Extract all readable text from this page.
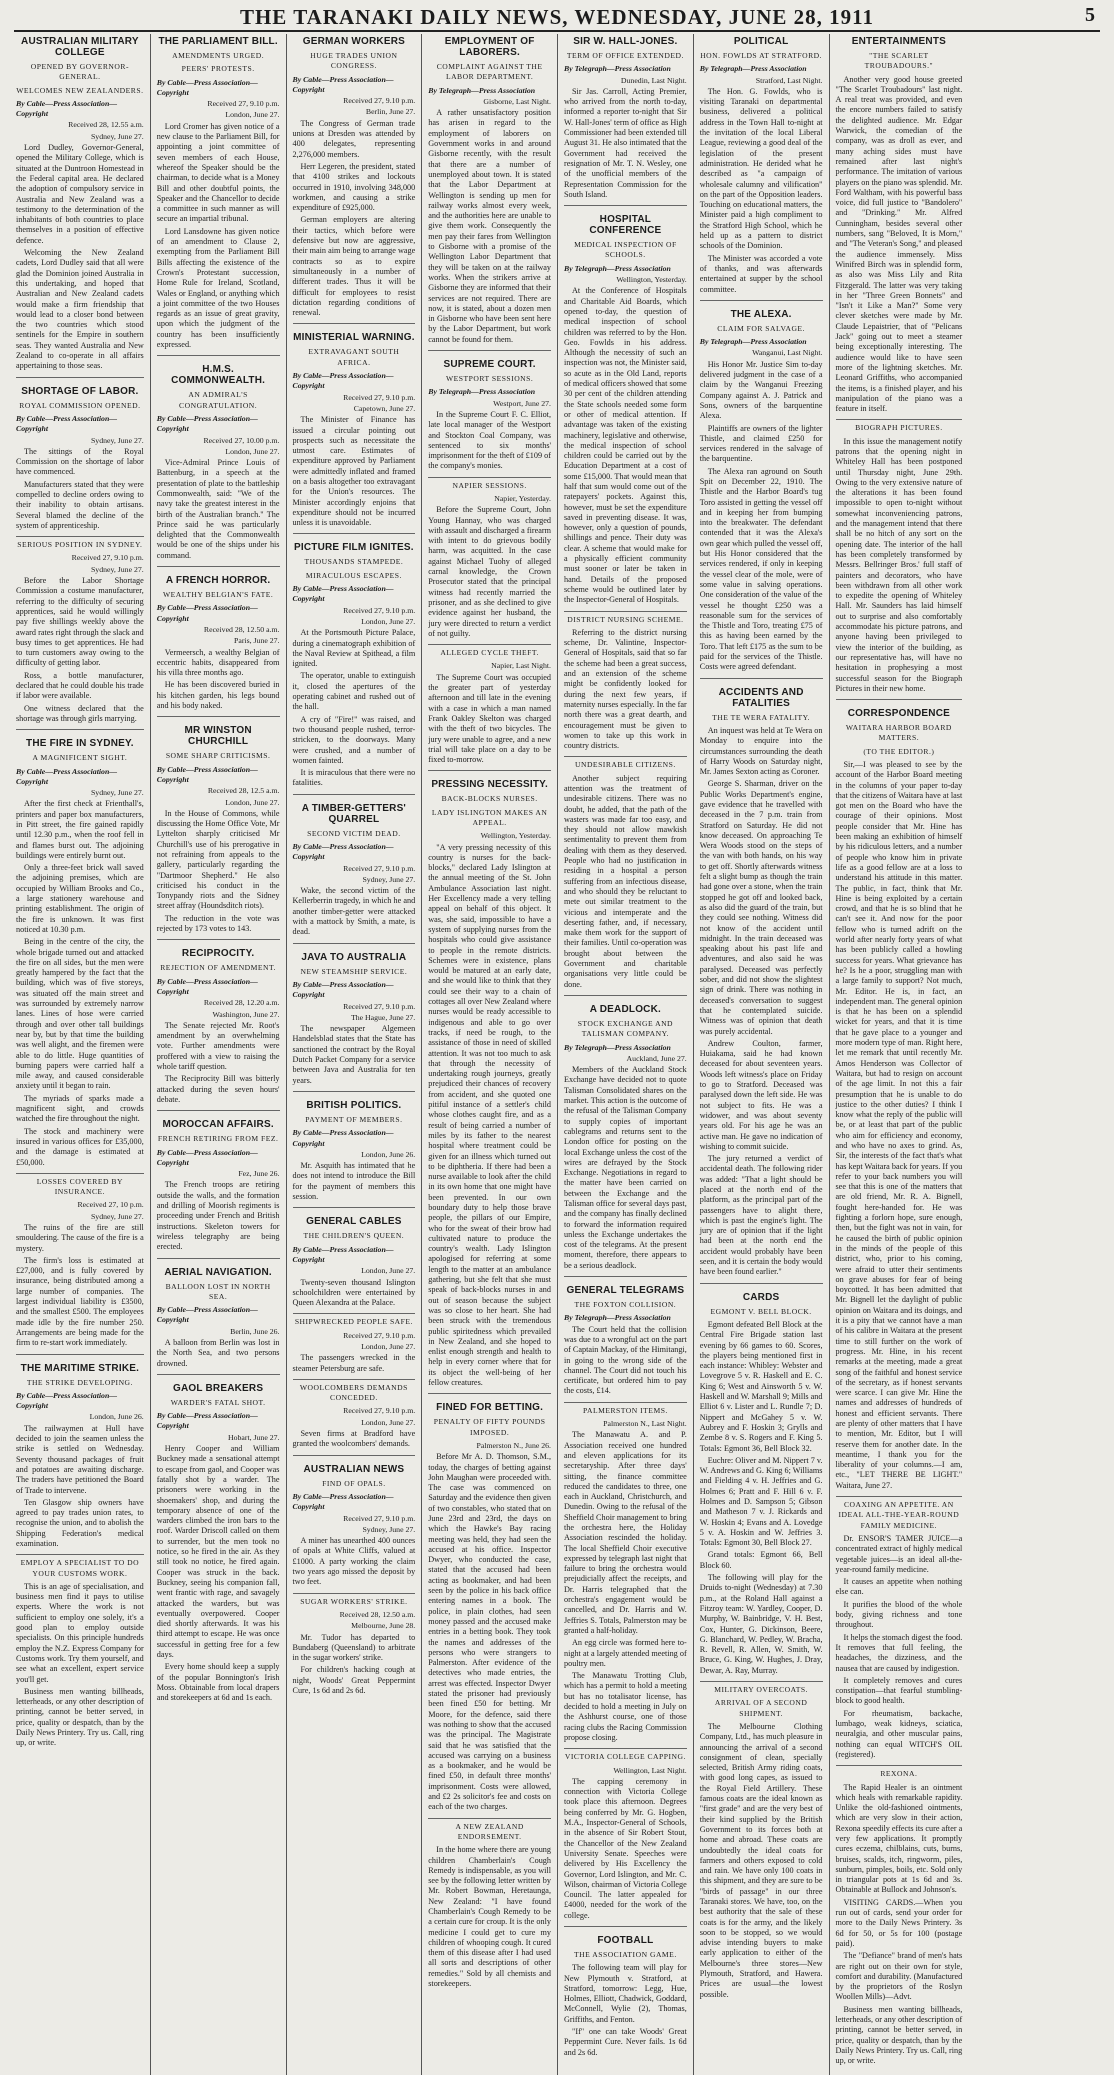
THE TARANAKI DAILY NEWS, WEDNESDAY, JUNE 28, 1911	5
AUSTRALIAN MILITARY COLLEGE
OPENED BY GOVERNOR-GENERAL.
WELCOMES NEW ZEALANDERS.
By Cable—Press Association—Copyright
Received 28, 12.55 a.m.
Sydney, June 27.

Lord Dudley, Governor-General, opened the Military College, which is situated at the Duntroon Homestead in the Federal capital area. He declared the adoption of compulsory service in Australia and New Zealand was a testimony to the determination of the inhabitants of both countries to place themselves in a position of effective defence.

Welcoming the New Zealand cadets, Lord Dudley said that all were glad the Dominion joined Australia in this undertaking, and hoped that Australian and New Zealand cadets would make a firm friendship that would lead to a closer bond between the two countries which stood sentinels for the Empire in southern seas. They wanted Australia and New Zealand to co-operate in all affairs appertaining to those seas.

SHORTAGE OF LABOR.
ROYAL COMMISSION OPENED.
By Cable—Press Association—Copyright
Sydney, June 27.

The sittings of the Royal Commission on the shortage of labor have commenced.

Manufacturers stated that they were compelled to decline orders owing to their inability to obtain artisans. Several blamed the decline of the system of apprenticeship.

SERIOUS POSITION IN SYDNEY.
Received 27, 9.10 p.m.
Sydney, June 27.

Before the Labor Shortage Commission a costume manufacturer, referring to the difficulty of securing apprentices, said he would willingly pay five shillings weekly above the award rates right through the slack and busy times to get apprentices. He had to turn customers away owing to the difficulty of getting labor.

Ross, a bottle manufacturer, declared that he could double his trade if labor were available.

One witness declared that the shortage was through girls marrying.

THE FIRE IN SYDNEY.
A MAGNIFICENT SIGHT.
By Cable—Press Association—Copyright
Sydney, June 27.

After the first check at Frienthall's, printers and paper box manufacturers, in Pitt street, the fire gained rapidly until 12.30 p.m., when the roof fell in and flames burst out. The adjoining buildings were entirely burnt out.

Only a three-feet brick wall saved the adjoining premises, which are occupied by William Brooks and Co., a large stationery warehouse and printing establishment. The origin of the fire is unknown. It was first noticed at 10.30 p.m.

Being in the centre of the city, the whole brigade turned out and attacked the fire on all sides, but the men were greatly hampered by the fact that the building, which was of five storeys, was situated off the main street and was surrounded by extremely narrow lanes. Lines of hose were carried through and over other tall buildings near by, but by that time the building was well alight, and the firemen were able to do little. Huge quantities of burning papers were carried half a mile away, and caused considerable anxiety until it began to rain.

The myriads of sparks made a magnificent sight, and crowds watched the fire throughout the night.

The stock and machinery were insured in various offices for £35,000, and the damage is estimated at £50,000.

LOSSES COVERED BY INSURANCE.
Received 27, 10 p.m.
Sydney, June 27.

The ruins of the fire are still smouldering. The cause of the fire is a mystery.

The firm's loss is estimated at £27,000, and is fully covered by insurance, being distributed among a large number of companies. The largest individual liability is £3500, and the smallest £500. The employees made idle by the fire number 250. Arrangements are being made for the firm to re-start work immediately.

THE MARITIME STRIKE.
THE STRIKE DEVELOPING.
By Cable—Press Association—Copyright
London, June 26.

The railwaymen at Hull have decided to join the seamen unless the strike is settled on Wednesday. Seventy thousand packages of fruit and potatoes are awaiting discharge. The traders have petitioned the Board of Trade to intervene.

Ten Glasgow ship owners have agreed to pay trades union rates, to recognise the union, and to abolish the Shipping Federation's medical examination.

EMPLOY A SPECIALIST TO DO YOUR CUSTOMS WORK.

This is an age of specialisation, and business men find it pays to utilise experts. Where the work is not sufficient to employ one solely, it's a good plan to employ outside specialists. On this principle hundreds employ the N.Z. Express Company for Customs work. Try them yourself, and see what an excellent, expert service you'll get.

Business men wanting billheads, letterheads, or any other description of printing, cannot be better served, in price, quality or despatch, than by the Daily News Printery. Try us. Call, ring up, or write.

THE PARLIAMENT BILL.
AMENDMENTS URGED.
PEERS' PROTESTS.
By Cable—Press Association—Copyright
Received 27, 9.10 p.m.
London, June 27.

Lord Cromer has given notice of a new clause to the Parliament Bill, for appointing a joint committee of seven members of each House, whereof the Speaker should be the chairman, to decide what is a Money Bill and other doubtful points, the Speaker and the Chancellor to decide a committee in such manner as will secure an impartial tribunal.

Lord Lansdowne has given notice of an amendment to Clause 2, exempting from the Parliament Bill Bills affecting the existence of the Crown's Protestant succession, Home Rule for Ireland, Scotland, Wales or England, or anything which a joint committee of the two Houses regards as an issue of great gravity, upon which the judgment of the country has been insufficiently expressed.

H.M.S. COMMONWEALTH.
AN ADMIRAL'S CONGRATULATION.
By Cable—Press Association—Copyright
Received 27, 10.00 p.m.
London, June 27.

Vice-Admiral Prince Louis of Battenburg, in a speech at the presentation of plate to the battleship Commonwealth, said: "We of the navy take the greatest interest in the birth of the Australian branch." The Prince said he was particularly delighted that the Commonwealth would be one of the ships under his command.

A FRENCH HORROR.
WEALTHY BELGIAN'S FATE.
By Cable—Press Association—Copyright
Received 28, 12.50 a.m.
Paris, June 27.

Vermeersch, a wealthy Belgian of eccentric habits, disappeared from his villa three months ago.

He has been discovered buried in his kitchen garden, his legs bound and his body naked.

MR WINSTON CHURCHILL
SOME SHARP CRITICISMS.
By Cable—Press Association—Copyright
Received 28, 12.5 a.m.
London, June 27.

In the House of Commons, while discussing the Home Office Vote, Mr Lyttelton sharply criticised Mr Churchill's use of his prerogative in not refraining from appeals to the gallery, particularly regarding the "Dartmoor Shepherd." He also criticised his conduct in the Tonypandy riots and the Sidney street affray (Houndsditch riots).

The reduction in the vote was rejected by 173 votes to 143.

RECIPROCITY.
REJECTION OF AMENDMENT.
By Cable—Press Association—Copyright
Received 28, 12.20 a.m.
Washington, June 27.

The Senate rejected Mr. Root's amendment by an overwhelming vote. Further amendments were proffered with a view to raising the whole tariff question.

The Reciprocity Bill was bitterly attacked during the seven hours' debate.

MOROCCAN AFFAIRS.
FRENCH RETIRING FROM FEZ.
By Cable—Press Association—Copyright
Fez, June 26.

The French troops are retiring outside the walls, and the formation and drilling of Moorish regiments is proceeding under French and British instructions. Skeleton towers for wireless telegraphy are being erected.

AERIAL NAVIGATION.
BALLOON LOST IN NORTH SEA.
By Cable—Press Association—Copyright
Berlin, June 26.

A balloon from Berlin was lost in the North Sea, and two persons drowned.

GAOL BREAKERS
WARDER'S FATAL SHOT.
By Cable—Press Association—Copyright
Hobart, June 27.

Henry Cooper and William Buckney made a sensational attempt to escape from gaol, and Cooper was fatally shot by a warder. The prisoners were working in the shoemakers' shop, and during the temporary absence of one of the warders climbed the iron bars to the roof. Warder Driscoll called on them to surrender, but the men took no notice, so he fired in the air. As they still took no notice, he fired again. Cooper was struck in the back. Buckney, seeing his companion fall, went frantic with rage, and savagely attacked the warders, but was eventually overpowered. Cooper died shortly afterwards. It was his third attempt to escape. He was once successful in getting free for a few days.

Every home should keep a supply of the popular Bonnington's Irish Moss. Obtainable from local drapers and storekeepers at 6d and 1s each.

GERMAN WORKERS
HUGE TRADES UNION CONGRESS.
By Cable—Press Association—Copyright
Received 27, 9.10 p.m.
Berlin, June 27.

The Congress of German trade unions at Dresden was attended by 400 delegates, representing 2,276,000 members.

Herr Legeren, the president, stated that 4100 strikes and lockouts occurred in 1910, involving 348,000 workmen, and causing a strike expenditure of £925,000.

German employers are altering their tactics, which before were defensive but now are aggressive, their main aim being to arrange wage contracts so as to expire simultaneously in a number of different trades. Thus it will be difficult for employees to resist dictation regarding conditions of renewal.

MINISTERIAL WARNING.
EXTRAVAGANT SOUTH AFRICA.
By Cable—Press Association—Copyright
Received 27, 9.10 p.m.
Capetown, June 27.

The Minister of Finance has issued a circular pointing out prospects such as necessitate the utmost care. Estimates of expenditure approved by Parliament were admittedly inflated and framed on a basis altogether too extravagant for the Union's resources. The Minister accordingly enjoins that expenditure should not be incurred unless it is unavoidable.

PICTURE FILM IGNITES.
THOUSANDS STAMPEDE.
MIRACULOUS ESCAPES.
By Cable—Press Association—Copyright
Received 27, 9.10 p.m.
London, June 27.

At the Portsmouth Picture Palace, during a cinematograph exhibition of the Naval Review at Spithead, a film ignited.

The operator, unable to extinguish it, closed the apertures of the operating cabinet and rushed out of the hall.

A cry of "Fire!" was raised, and two thousand people rushed, terror-stricken, to the doorways. Many were crushed, and a number of women fainted.

It is miraculous that there were no fatalities.

A TIMBER-GETTERS' QUARREL
SECOND VICTIM DEAD.
By Cable—Press Association—Copyright
Received 27, 9.10 p.m.
Sydney, June 27.

Wake, the second victim of the Kellerberrin tragedy, in which he and another timber-getter were attacked with a mattock by Smith, a mate, is dead.

JAVA TO AUSTRALIA
NEW STEAMSHIP SERVICE.
By Cable—Press Association—Copyright
Received 27, 9.10 p.m.
The Hague, June 27.

The newspaper Algemeen Handelsblad states that the State has sanctioned the contract by the Royal Dutch Packet Company for a service between Java and Australia for ten years.

BRITISH POLITICS.
PAYMENT OF MEMBERS.
By Cable—Press Association—Copyright
London, June 26.

Mr. Asquith has intimated that he does not intend to introduce the Bill for the payment of members this session.

GENERAL CABLES
THE CHILDREN'S QUEEN.
By Cable—Press Association—Copyright
London, June 27.

Twenty-seven thousand Islington schoolchildren were entertained by Queen Alexandra at the Palace.

SHIPWRECKED PEOPLE SAFE.
Received 27, 9.10 p.m.
London, June 27.

The passengers wrecked in the steamer Petersburg are safe.

WOOLCOMBERS DEMANDS CONCEDED.
Received 27, 9.10 p.m.
London, June 27.

Seven firms at Bradford have granted the woolcombers' demands.

AUSTRALIAN NEWS
FIND OF OPALS.
By Cable—Press Association—Copyright
Received 27, 9.10 p.m.
Sydney, June 27.

A miner has unearthed 400 ounces of opals at White Cliffs, valued at £1000. A party working the claim two years ago missed the deposit by two feet.

SUGAR WORKERS' STRIKE.
Received 28, 12.50 a.m.
Melbourne, June 28.

Mr. Tudor has departed to Bundaberg (Queensland) to arbitrate in the sugar workers' strike.

For children's hacking cough at night, Woods' Great Peppermint Cure, 1s 6d and 2s 6d.

EMPLOYMENT OF LABORERS.
COMPLAINT AGAINST THE LABOR DEPARTMENT.
By Telegraph—Press Association
Gisborne, Last Night.

A rather unsatisfactory position has arisen in regard to the employment of laborers on Government works in and around Gisborne recently, with the result that there are a number of unemployed about town. It is stated that the Labor Department at Wellington is sending up men for railway works almost every week, and the authorities here are unable to give them work. Consequently the men pay their fares from Wellington to Gisborne with a promise of the Wellington Labor Department that they will be taken on at the railway works. When the strikers arrive at Gisborne they are informed that their services are not required. There are now, it is stated, about a dozen men in Gisborne who have been sent here by the Labor Department, but work cannot be found for them.

SUPREME COURT.
WESTPORT SESSIONS.
By Telegraph—Press Association
Westport, June 27.

In the Supreme Court F. C. Elliot, late local manager of the Westport and Stockton Coal Company, was sentenced to six months' imprisonment for the theft of £109 of the company's monies.

NAPIER SESSIONS.
Napier, Yesterday.

Before the Supreme Court, John Young Hannay, who was charged with assault and discharged a firearm with intent to do grievous bodily harm, was acquitted. In the case against Michael Tuohy of alleged carnal knowledge, the Crown Prosecutor stated that the principal witness had recently married the prisoner, and as she declined to give evidence against her husband, the jury were directed to return a verdict of not guilty.

ALLEGED CYCLE THEFT.
Napier, Last Night.

The Supreme Court was occupied the greater part of yesterday afternoon and till late in the evening with a case in which a man named Frank Oakley Skelton was charged with the theft of two bicycles. The jury were unable to agree, and a new trial will take place on a day to be fixed to-morrow.

PRESSING NECESSITY.
BACK-BLOCKS NURSES.
LADY ISLINGTON MAKES AN APPEAL.
Wellington, Yesterday.

"A very pressing necessity of this country is nurses for the back-blocks," declared Lady Islington at the annual meeting of the St. John Ambulance Association last night. Her Excellency made a very telling appeal on behalf of this object. It was, she said, impossible to have a system of supplying nurses from the hospitals who could give assistance to people in the remote districts. Schemes were in existence, plans would be matured at an early date, and she would like to think that they could see their way to a chain of cottages all over New Zealand where nurses would be ready accessible to indigenous and able to go over tracks, if need be rough, to the assistance of those in need of skilled attention. It was not too much to ask that through the necessity of undertaking rough journeys, greatly prejudiced their chances of recovery from accident, and she quoted one pitiful instance of a settler's child whose clothes caught fire, and as a result of being carried a number of miles by its father to the nearest hospital where treatment could be given for an illness which turned out to be diphtheria. If there had been a nurse available to look after the child in its own home that one might have been prevented. In our own boundary duty to help those brave people, the pillars of our Empire, who for the sweat of their brow had cultivated nature to produce the country's wealth. Lady Islington apologised for referring at some length to the matter at an ambulance gathering, but she felt that she must speak of back-blocks nurses in and out of season because the subject was so close to her heart. She had been struck with the tremendous public spiritedness which prevailed in New Zealand, and she hoped to enlist enough strength and health to help in every corner where that for its object the well-being of her fellow creatures.

FINED FOR BETTING.
PENALTY OF FIFTY POUNDS IMPOSED.
Palmerston N., June 26.

Before Mr A. D. Thomson, S.M., today, the charges of betting against John Maughan were proceeded with. The case was commenced on Saturday and the evidence then given of two constables, who stated that on June 23rd and 23rd, the days on which the Hawke's Bay racing meeting was held, they had seen the accused at his office. Inspector Dwyer, who conducted the case, stated that the accused had been acting as bookmaker, and had been seen by the police in his back office entering names in a book. The police, in plain clothes, had seen money passed and the accused make entries in a betting book. They took the names and addresses of the persons who were strangers to Palmerston. After evidence of the detectives who made entries, the arrest was effected. Inspector Dwyer stated the prisoner had previously been fined £50 for betting. Mr Moore, for the defence, said there was nothing to show that the accused was the principal. The Magistrate said that he was satisfied that the accused was carrying on a business as a bookmaker, and he would be fined £50, in default three months' imprisonment. Costs were allowed, and £2 2s solicitor's fee and costs on each of the two charges.

A NEW ZEALAND ENDORSEMENT.

In the home where there are young children Chamberlain's Cough Remedy is indispensable, as you will see by the following letter written by Mr. Robert Bowman, Heretaunga, New Zealand: "I have found Chamberlain's Cough Remedy to be a certain cure for croup. It is the only medicine I could get to cure my children of whooping cough. It cured them of this disease after I had used all sorts and descriptions of other remedies." Sold by all chemists and storekeepers.

SIR W. HALL-JONES.
TERM OF OFFICE EXTENDED.
By Telegraph—Press Association
Dunedin, Last Night.

Sir Jas. Carroll, Acting Premier, who arrived from the north to-day, informed a reporter to-night that Sir W. Hall-Jones' term of office as High Commissioner had been extended till August 31. He also intimated that the Government had received the resignation of Mr. T. N. Wesley, one of the unofficial members of the Representation Commission for the South Island.

HOSPITAL CONFERENCE
MEDICAL INSPECTION OF SCHOOLS.
By Telegraph—Press Association
Wellington, Yesterday.

At the Conference of Hospitals and Charitable Aid Boards, which opened to-day, the question of medical inspection of school children was referred to by the Hon. Geo. Fowlds in his address. Although the necessity of such an inspection was not, the Minister said, so acute as in the Old Land, reports of medical officers showed that some 30 per cent of the children attending the State schools needed some form or other of medical attention. If advantage was taken of the existing machinery, legislative and otherwise, the medical inspection of school children could be carried out by the Education Department at a cost of some £15,000. That would mean that half that sum would come out of the ratepayers' pockets. Against this, however, must be set the expenditure saved in preventing disease. It was, however, only a question of pounds, shillings and pence. Their duty was clear. A scheme that would make for a physically efficient community must sooner or later be taken in hand. Details of the proposed scheme would be outlined later by the Inspector-General of Hospitals.

DISTRICT NURSING SCHEME.

Referring to the district nursing scheme, Dr. Valintine, Inspector-General of Hospitals, said that so far the scheme had been a great success, and an extension of the scheme might be confidently looked for during the next few years, if maternity nurses especially. In the far north there was a great dearth, and encouragement must be given to women to take up this work in country districts.

UNDESIRABLE CITIZENS.

Another subject requiring attention was the treatment of undesirable citizens. There was no doubt, he added, that the path of the wasters was made far too easy, and they should not allow mawkish sentimentality to prevent them from dealing with them as they deserved. People who had no justification in residing in a hospital a person suffering from an infectious disease, and who should they be reluctant to mete out similar treatment to the vicious and intemperate and the deserting father, and, if necessary, make them work for the support of their families. Until co-operation was brought about between the Government and charitable organisations very little could be done.

A DEADLOCK.
STOCK EXCHANGE AND TALISMAN COMPANY.
By Telegraph—Press Association
Auckland, June 27.

Members of the Auckland Stock Exchange have decided not to quote Talisman Consolidated shares on the market. This action is the outcome of the refusal of the Talisman Company to supply copies of important cablegrams and returns sent to the London office for posting on the local Exchange unless the cost of the wires are defrayed by the Stock Exchange. Negotiations in regard to the matter have been carried on between the Exchange and the Talisman office for several days past, and the company has finally declined to forward the information required unless the Exchange undertakes the cost of the telegrams. At the present moment, therefore, there appears to be a serious deadlock.

GENERAL TELEGRAMS
THE FOXTON COLLISION.
By Telegraph—Press Association

The Court held that the collision was due to a wrongful act on the part of Captain Mackay, of the Himitangi, in going to the wrong side of the channel. The Court did not touch his certificate, but ordered him to pay the costs, £14.

PALMERSTON ITEMS.
Palmerston N., Last Night.

The Manawatu A. and P. Association received one hundred and eleven applications for its secretaryship. After three days' sitting, the finance committee reduced the candidates to three, one each in Auckland, Christchurch, and Dunedin. Owing to the refusal of the Sheffield Choir management to bring the orchestra here, the Holiday Association rescinded the holiday. The local Sheffield Choir executive expressed by telegraph last night that failure to bring the orchestra would prejudicially affect the receipts, and Dr. Harris telegraphed that the orchestra's engagement would be cancelled, and Dr. Harris and W. Jeffries S. Totals, Palmerston may be granted a half-holiday.

An egg circle was formed here to-night at a largely attended meeting of poultry men.

The Manawatu Trotting Club, which has a permit to hold a meeting but has no totalisator license, has decided to hold a meeting in July on the Ashhurst course, one of those racing clubs the Racing Commission propose closing.

VICTORIA COLLEGE CAPPING.
Wellington, Last Night.

The capping ceremony in connection with Victoria College took place this afternoon. Degrees being conferred by Mr. G. Hogben, M.A., Inspector-General of Schools, in the absence of Sir Robert Stout, the Chancellor of the New Zealand University Senate. Speeches were delivered by His Excellency the Governor, Lord Islington, and Mr. C. Wilson, chairman of Victoria College Council. The latter appealed for £4000, needed for the work of the college.

FOOTBALL
THE ASSOCIATION GAME.

The following team will play for New Plymouth v. Stratford, at Stratford, tomorrow: Legg, Hue, Holmes, Elliott, Chadwick, Goddard, McConnell, Wylie (2), Thomas, Griffiths, and Fenton.

"If" one can take Woods' Great Peppermint Cure. Never fails. 1s 6d and 2s 6d.

POLITICAL
HON. FOWLDS AT STRATFORD.
By Telegraph—Press Association
Stratford, Last Night.

The Hon. G. Fowlds, who is visiting Taranaki on departmental business, delivered a political address in the Town Hall to-night at the invitation of the local Liberal League, reviewing a good deal of the legislation of the present administration. He derided what he described as "a campaign of wholesale calumny and vilification" on the part of the Opposition leaders. Touching on educational matters, the Minister paid a high compliment to the Stratford High School, which he held up as a pattern to district schools of the Dominion.

The Minister was accorded a vote of thanks, and was afterwards entertained at supper by the school committee.

THE ALEXA.
CLAIM FOR SALVAGE.
By Telegraph—Press Association
Wanganui, Last Night.

His Honor Mr. Justice Sim to-day delivered judgment in the case of a claim by the Wanganui Freezing Company against A. J. Patrick and Sons, owners of the barquentine Alexa.

Plaintiffs are owners of the lighter Thistle, and claimed £250 for services rendered in the salvage of the barquentine.

The Alexa ran aground on South Spit on December 22, 1910. The Thistle and the Harbor Board's tug Toro assisted in getting the vessel off and in keeping her from bumping into the breakwater. The defendant contended that it was the Alexa's own gear which pulled the vessel off, but His Honor considered that the services rendered, if only in keeping the vessel clear of the mole, were of some value in salving operations. One consideration of the value of the vessel he thought £250 was a reasonable sum for the services of the Thistle and Toro, treating £75 of this as having been earned by the Toro. That left £175 as the sum to be paid for the services of the Thistle. Costs were agreed defendant.

ACCIDENTS AND FATALITIES
THE TE WERA FATALITY.

An inquest was held at Te Wera on Monday to enquire into the circumstances surrounding the death of Harry Woods on Saturday night, Mr. James Sexton acting as Coroner.

George S. Sharman, driver on the Public Works Department's engine, gave evidence that he travelled with deceased in the 7 p.m. train from Stratford on Saturday. He did not know deceased. On approaching Te Wera Woods stood on the steps of the van with both hands, on his way to get off. Shortly afterwards witness felt a slight bump as though the train had gone over a stone, when the train stopped he got off and looked back, as also did the guard of the train, but they could see nothing. Witness did not know of the accident until midnight. In the train deceased was speaking about his past life and adventures, and also said he was paralysed. Deceased was perfectly sober, and did not show the slightest sign of drink. There was nothing in deceased's conversation to suggest that he contemplated suicide. Witness was of opinion that death was purely accidental.

Andrew Coulton, farmer, Huiakama, said he had known deceased for about seventeen years. Woods left witness's place on Friday to go to Stratford. Deceased was paralysed down the left side. He was not subject to fits. He was a widower, and was about seventy years old. For his age he was an active man. He gave no indication of wishing to commit suicide.

The jury returned a verdict of accidental death. The following rider was added: "That a light should be placed at the north end of the platform, as the principal part of the passengers have to alight there, which is past the engine's light. The jury are of opinion that if the light had been at the north end the accident would probably have been seen, and it is certain the body would have been found earlier."

CARDS
EGMONT V. BELL BLOCK.

Egmont defeated Bell Block at the Central Fire Brigade station last evening by 66 games to 60. Scores, the players being mentioned first in each instance: Whibley: Webster and Lovegrove 5 v. R. Haskell and E. C. King 6; West and Ainsworth 5 v. W. Haskell and W. Marshall 9; Mills and Elliot 6 v. Lister and L. Rundle 7; D. Nippert and McGahey 5 v. W. Aubrey and F. Hoskin 3; Grylls and Zembe 8 v. S. Rogers and F. King 5. Totals: Egmont 36, Bell Block 32.

Euchre: Oliver and M. Nippert 7 v. W. Andrews and G. King 6; Williams and Fielding 4 v. H. Jeffries and G. Holmes 6; Pratt and F. Hill 6 v. F. Holmes and D. Sampson 5; Gibson and Matheson 7 v. J. Rickards and W. Hoskin 4; Evans and A. Lovedge 5 v. A. Hoskin and W. Jeffries 3. Totals: Egmont 30, Bell Block 27.

Grand totals: Egmont 66, Bell Block 60.

The following will play for the Druids to-night (Wednesday) at 7.30 p.m., at the Roland Hall against a Fitzroy team: W. Yardley, Cooper, D. Murphy, W. Bainbridge, V. H. Best, Cox, Hunter, G. Dickinson, Beere, G. Blanchard, W. Pedley, W. Bracha, R. Revell, R. Allen, W. Smith, W. Bruce, G. King, W. Hughes, J. Dray, Dewar, A. Ray, Murray.

MILITARY OVERCOATS.
ARRIVAL OF A SECOND SHIPMENT.

The Melbourne Clothing Company, Ltd., has much pleasure in announcing the arrival of a second consignment of clean, specially selected, British Army riding coats, with good long capes, as issued to the Royal Field Artillery. These famous coats are the ideal known as "first grade" and are the very best of their kind supplied by the British Government to its forces both at home and abroad. These coats are undoubtedly the ideal coats for farmers and others exposed to cold and rain. We have only 100 coats in this shipment, and they are sure to be "birds of passage" in our three Taranaki stores. We have, too, on the best authority that the sale of these coats is for the army, and the likely soon to be stopped, so we would advise intending buyers to make early application to either of the Melbourne's three stores—New Plymouth, Stratford, and Hawera. Prices are usual—the lowest possible.

ENTERTAINMENTS
"THE SCARLET TROUBADOURS."

Another very good house greeted "The Scarlet Troubadours" last night. A real treat was provided, and even the encore numbers failed to satisfy the delighted audience. Mr. Edgar Warwick, the comedian of the company, was as droll as ever, and many aching sides must have remained after last night's performance. The imitation of various players on the piano was splendid. Mr. Ford Waltham, with his powerful bass voice, did full justice to "Bandolero" and "Drinking." Mr. Alfred Cunningham, besides several other numbers, sang "Beloved, It is Morn," and "The Veteran's Song," and pleased the audience immensely. Miss Winifred Birch was in splendid form, as also was Miss Lily and Rita Fitzgerald. The latter was very taking in her "Three Green Bonnets" and "Isn't it Like a Man?" Some very clever sketches were made by Mr. Claude Lepaistrier, that of "Pelicans Jack" going out to meet a steamer being exceptionally interesting. The audience would like to have seen more of the lightning sketches. Mr. Leonard Griffiths, who accompanied the items, is a finished player, and his manipulation of the piano was a feature in itself.

BIOGRAPH PICTURES.

In this issue the management notify patrons that the opening night in Whiteley Hall has been postponed until Thursday night, June 29th. Owing to the very extensive nature of the alterations it has been found impossible to open to-night without somewhat inconveniencing patrons, and the management intend that there shall be no hitch of any sort on the opening date. The interior of the hall has been completely transformed by Messrs. Bellringer Bros.' full staff of painters and decorators, who have been withdrawn from all other work to expedite the opening of Whiteley Hall. Mr. Saunders has laid himself out to surprise and also comfortably accommodate his picture patrons, and anyone having been privileged to view the interior of the building, as our representative has, will have no hesitation in prophesying a most successful season for the Biograph Pictures in their new home.

CORRESPONDENCE
WAITARA HARBOR BOARD MATTERS.
(TO THE EDITOR.)

Sir,—I was pleased to see by the account of the Harbor Board meeting in the columns of your paper to-day that the citizens of Waitara have at last got men on the Board who have the courage of their opinions. Most people consider that Mr. Hine has been making an exhibition of himself by his ridiculous letters, and a number of people who know him in private life as a good fellow are at a loss to understand his attitude in this matter. The public, in fact, think that Mr. Hine is being exploited by a certain crowd, and that he is so blind that he can't see it. And now for the poor fellow who is turned adrift on the world after nearly forty years of what has been publicly called a howling success for years. What grievance has he? Is he a poor, struggling man with a large family to support? Not much, Mr. Editor. He is, in fact, an independent man. The general opinion is that he has been on a splendid wicket for years, and that it is time that he gave place to a younger and more modern type of man. Right here, let me remark that until recently Mr. Amos Henderson was Collector of Waitara, but had to resign on account of the age limit. In not this a fair presumption that he is unable to do justice to the other duties? I think I know what the reply of the public will be, or at least that part of the public who aim for efficiency and economy, and who have no axes to grind. As, Sir, the interests of the fact that's what has kept Waitara back for years. If you refer to your back numbers you will see that this is one of the matters that are old friend, Mr. R. A. Bignell, fought here-handed for. He was fighting a forlorn hope, sure enough, then, but the fight was not in vain, for he caused the birth of public opinion in the minds of the people of this district, who, prior to his coming, were afraid to utter their sentiments on grave abuses for fear of being boycotted. It has been admitted that Mr. Bignell let the daylight of public opinion on Waitara and its doings, and it is a pity that we cannot have a man of his calibre in Waitara at the present time to still further on the work of progress. Mr. Hine, in his recent remarks at the meeting, made a great song of the faithful and honest service of the secretary, as if honest servants were scarce. I can give Mr. Hine the names and addresses of hundreds of honest and efficient servants. There are plenty of other matters that I have to mention, Mr. Editor, but I will reserve them for another date. In the meantime, I thank you for the liberality of your columns.—I am, etc., "LET THERE BE LIGHT." Waitara, June 27.

COAXING AN APPETITE. AN IDEAL ALL-THE-YEAR-ROUND FAMILY MEDICINE.

Dr. ENSOR'S TAMER JUICE—a concentrated extract of highly medical vegetable juices—is an ideal all-the-year-round family medicine.

It causes an appetite when nothing else can.

It purifies the blood of the whole body, giving richness and tone throughout.

It helps the stomach digest the food. It removes that full feeling, the headaches, the dizziness, and the nausea that are caused by indigestion.

It completely removes and cures constipation—that fearful stumbling-block to good health.

For rheumatism, backache, lumbago, weak kidneys, sciatica, neuralgia, and other muscular pains, nothing can equal WITCH'S OIL (registered).

REXONA.

The Rapid Healer is an ointment which heals with remarkable rapidity. Unlike the old-fashioned ointments, which are very slow in their action, Rexona speedily effects its cure after a very few applications. It promptly cures eczema, chilblains, cuts, burns, bruises, scalds, itch, ringworm, piles, sunburn, pimples, boils, etc. Sold only in triangular pots at 1s 6d and 3s. Obtainable at Bullock and Johnson's.

VISITING CARDS.—When you run out of cards, send your order for more to the Daily News Printery. 3s 6d for 50, or 5s for 100 (postage paid).

The "Defiance" brand of men's hats are right out on their own for style, comfort and durability. (Manufactured by the proprietors of the Roslyn Woollen Mills)—Advt.

Business men wanting billheads, letterheads, or any other description of printing, cannot be better served, in price, quality or despatch, than by the Daily News Printery. Try us. Call, ring up, or write.
